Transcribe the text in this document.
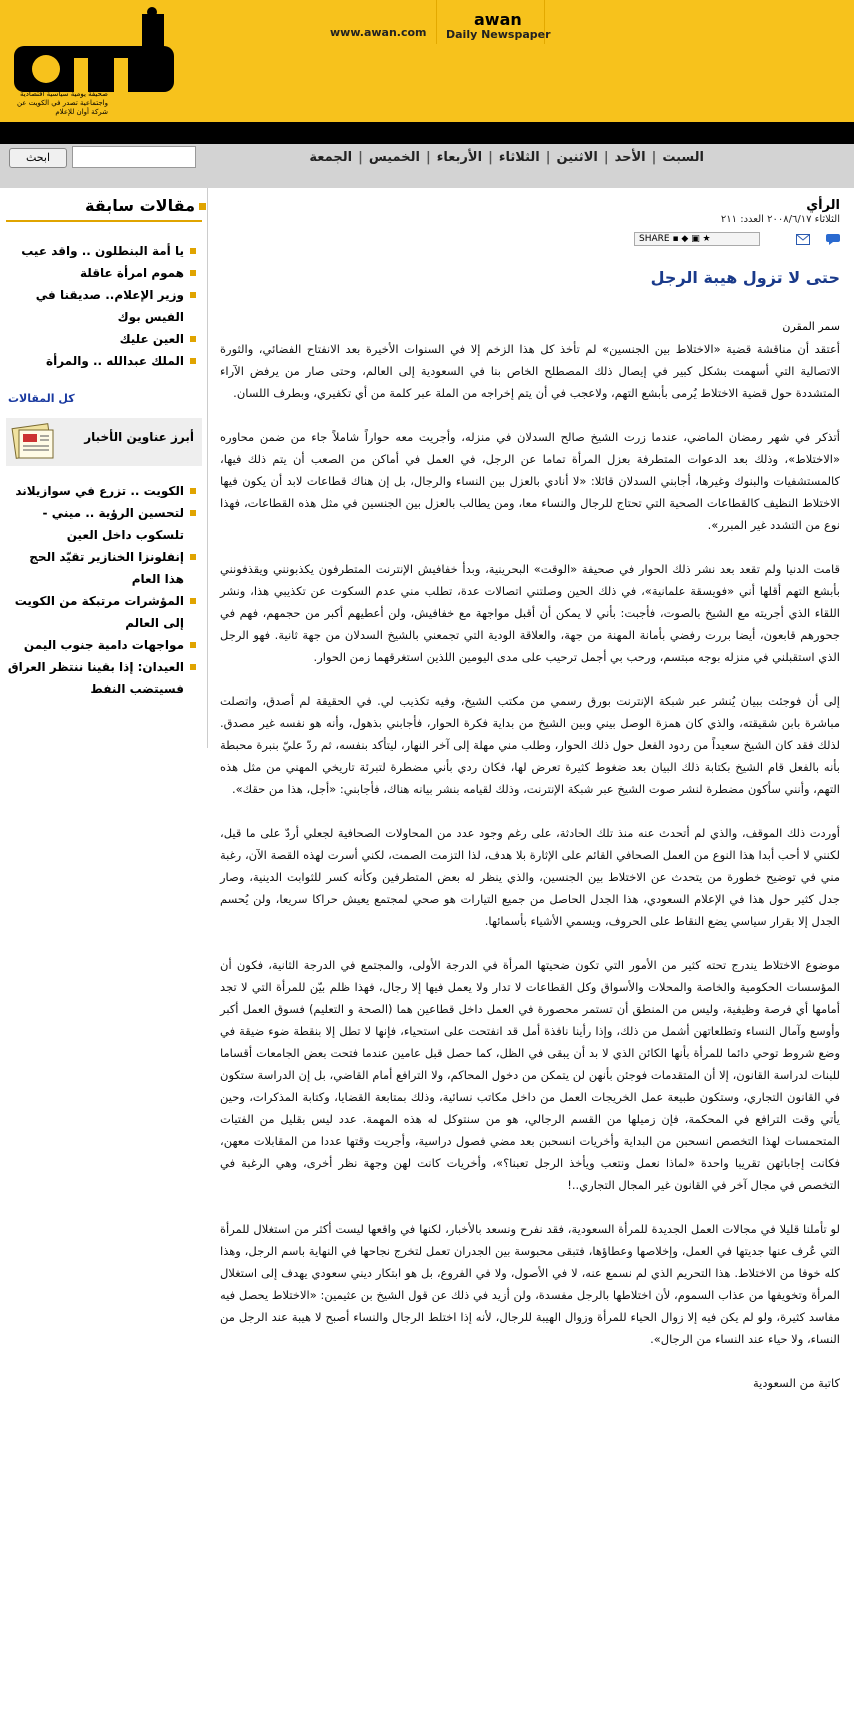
صحيفة يومية سياسية اقتصادية واجتماعية تصدر في الكويت عن شركة أوان للإعلام
www.awan.com
awan
Daily Newspaper
ابحث	السبت|الأحد|الاثنين|الثلاثاء|الأربعاء|الخميس|الجمعة
مقالات سابقة
يا أمة البنطلون .. واقد عيب
هموم امرأة عاقلة
وزير الإعلام.. صديقنا في الفيس بوك
العين عليك
الملك عبدالله .. والمرأة
كل المقالات
أبرز عناوين الأخبار
الكويت .. تزرع في سوازيلاند
لتحسين الرؤية .. ميني - تلسكوب داخل العين
إنفلونزا الخنازير تقيّد الحج هذا العام
المؤشرات مرتبكة من الكويت إلى العالم
مواجهات دامية جنوب اليمن
العيدان: إذا بقينا ننتظر العراق فسيتضب النفط
الرأي
الثلاثاء ٢٠٠٨/٦/١٧ العدد: ٢١١
SHARE ▪ ◆ ▣ ★
حتى لا تزول هيبة الرجل
سمر المقرن

أعتقد أن مناقشة قضية «الاختلاط بين الجنسين» لم تأخذ كل هذا الزخم إلا في السنوات الأخيرة بعد الانفتاح الفضائي، والثورة الاتصالية التي أسهمت بشكل كبير في إيصال ذلك المصطلح الخاص بنا في السعودية إلى العالم، وحتى صار من يرفض الآراء المتشددة حول قضية الاختلاط يُرمى بأبشع التهم، ولاعجب في أن يتم إخراجه من الملة عبر كلمة من أي تكفيري، وبطرف اللسان.

أتذكر في شهر رمضان الماضي، عندما زرت الشيخ صالح السدلان في منزله، وأجريت معه حواراً شاملاً جاء من ضمن محاوره «الاختلاط»، وذلك بعد الدعوات المتطرفة بعزل المرأة تماما عن الرجل، في العمل في أماكن من الصعب أن يتم ذلك فيها، كالمستشفيات والبنوك وغيرها، أجابني السدلان قائلا: «لا أنادي بالعزل بين النساء والرجال، بل إن هناك قطاعات لابد أن يكون فيها الاختلاط النظيف كالقطاعات الصحية التي تحتاج للرجال والنساء معا، ومن يطالب بالعزل بين الجنسين في مثل هذه القطاعات، فهذا نوع من التشدد غير المبرر».

قامت الدنيا ولم تقعد بعد نشر ذلك الحوار في صحيفة «الوقت» البحرينية، وبدأ خفافيش الإنترنت المتطرفون يكذبونني ويقذفونني بأبشع التهم أقلها أني «فويسقة علمانية»، في ذلك الحين وصلتني اتصالات عدة، تطلب مني عدم السكوت عن تكذيبي هذا، ونشر اللقاء الذي أجريته مع الشيخ بالصوت، فأجبت: بأني لا يمكن أن أقبل مواجهة مع خفافيش، ولن أعطيهم أكبر من حجمهم، فهم في جحورهم قابعون، أيضا بررت رفضي بأمانة المهنة من جهة، والعلاقة الودية التي تجمعني بالشيخ السدلان من جهة ثانية. فهو الرجل الذي استقبلني في منزله بوجه مبتسم، ورحب بي أجمل ترحيب على مدى اليومين اللذين استغرقهما زمن الحوار.

إلى أن فوجئت ببيان يُنشر عبر شبكة الإنترنت بورق رسمي من مكتب الشيخ، وفيه تكذيب لي. في الحقيقة لم أصدق، واتصلت مباشرة بابن شقيقته، والذي كان همزة الوصل بيني وبين الشيخ من بداية فكرة الحوار، فأجابني بذهول، وأنه هو نفسه غير مصدق. لذلك فقد كان الشيخ سعيداً من ردود الفعل حول ذلك الحوار، وطلب مني مهلة إلى آخر النهار، ليتأكد بنفسه، ثم ردّ عليّ بنبرة محبطة بأنه بالفعل قام الشيخ بكتابة ذلك البيان بعد ضغوط كثيرة تعرض لها، فكان ردي بأني مضطرة لتبرئة تاريخي المهني من مثل هذه التهم، وأنني سأكون مضطرة لنشر صوت الشيخ عبر شبكة الإنترنت، وذلك لقيامه بنشر بيانه هناك، فأجابني: «أجل، هذا من حقك».

أوردت ذلك الموقف، والذي لم أتحدث عنه منذ تلك الحادثة، على رغم وجود عدد من المحاولات الصحافية لجعلي أردّ على ما قيل، لكنني لا أحب أبدا هذا النوع من العمل الصحافي القائم على الإثارة بلا هدف، لذا التزمت الصمت، لكني أسرت لهذه القصة الآن، رغبة مني في توضيح خطورة من يتحدث عن الاختلاط بين الجنسين، والذي ينظر له بعض المتطرفين وكأنه كسر للثوابت الدينية، وصار جدل كثير حول هذا في الإعلام السعودي، هذا الجدل الحاصل من جميع التيارات هو صحي لمجتمع يعيش حراكا سريعا، ولن يُحسم الجدل إلا بقرار سياسي يضع النقاط على الحروف، ويسمي الأشياء بأسمائها.

موضوع الاختلاط يندرج تحته كثير من الأمور التي تكون ضحيتها المرأة في الدرجة الأولى، والمجتمع في الدرجة الثانية، فكون أن المؤسسات الحكومية والخاصة والمحلات والأسواق وكل القطاعات لا تدار ولا يعمل فيها إلا رجال، فهذا ظلم بيّن للمرأة التي لا تجد أمامها أي فرصة وظيفية، وليس من المنطق أن تستمر محصورة في العمل داخل قطاعين هما (الصحة و التعليم) فسوق العمل أكبر وأوسع وآمال النساء وتطلعاتهن أشمل من ذلك، وإذا رأينا نافذة أمل قد انفتحت على استحياء، فإنها لا تطل إلا بنقطة ضوء ضيقة في وضع شروط توحي دائما للمرأة بأنها الكائن الذي لا بد أن يبقى في الظل، كما حصل قبل عامين عندما فتحت بعض الجامعات أقساما للبنات لدراسة القانون، إلا أن المتقدمات فوجئن بأنهن لن يتمكن من دخول المحاكم، ولا الترافع أمام القاضي، بل إن الدراسة ستكون في القانون التجاري، وستكون طبيعة عمل الخريجات العمل من داخل مكاتب نسائية، وذلك بمتابعة القضايا، وكتابة المذكرات، وحين يأتي وقت الترافع في المحكمة، فإن زميلها من القسم الرجالي، هو من سنتوكل له هذه المهمة. عدد ليس بقليل من الفتيات المتحمسات لهذا التخصص انسحبن من البداية وأخريات انسحبن بعد مضي فصول دراسية، وأجريت وقتها عددا من المقابلات معهن، فكانت إجاباتهن تقريبا واحدة «لماذا نعمل ونتعب ويأخذ الرجل تعبنا؟»، وأخريات كانت لهن وجهة نظر أخرى، وهي الرغبة في التخصص في مجال آخر في القانون غير المجال التجاري..!

لو تأملنا قليلا في مجالات العمل الجديدة للمرأة السعودية، فقد نفرح ونسعد بالأخبار، لكنها في واقعها ليست أكثر من استغلال للمرأة التي عُرف عنها جديتها في العمل، وإخلاصها وعطاؤها، فتبقى محبوسة بين الجدران تعمل لتخرج نجاحها في النهاية باسم الرجل، وهذا كله خوفا من الاختلاط. هذا التحريم الذي لم نسمع عنه، لا في الأصول، ولا في الفروع، بل هو ابتكار ديني سعودي يهدف إلى استغلال المرأة وتخويفها من عذاب السموم، لأن اختلاطها بالرجل مفسدة، ولن أزيد في ذلك عن قول الشيخ بن عثيمين: «الاختلاط يحصل فيه مفاسد كثيرة، ولو لم يكن فيه إلا زوال الحياء للمرأة وزوال الهيبة للرجال، لأنه إذا اختلط الرجال والنساء أصبح لا هيبة عند الرجل من النساء، ولا حياء عند النساء من الرجال».

كاتبة من السعودية
